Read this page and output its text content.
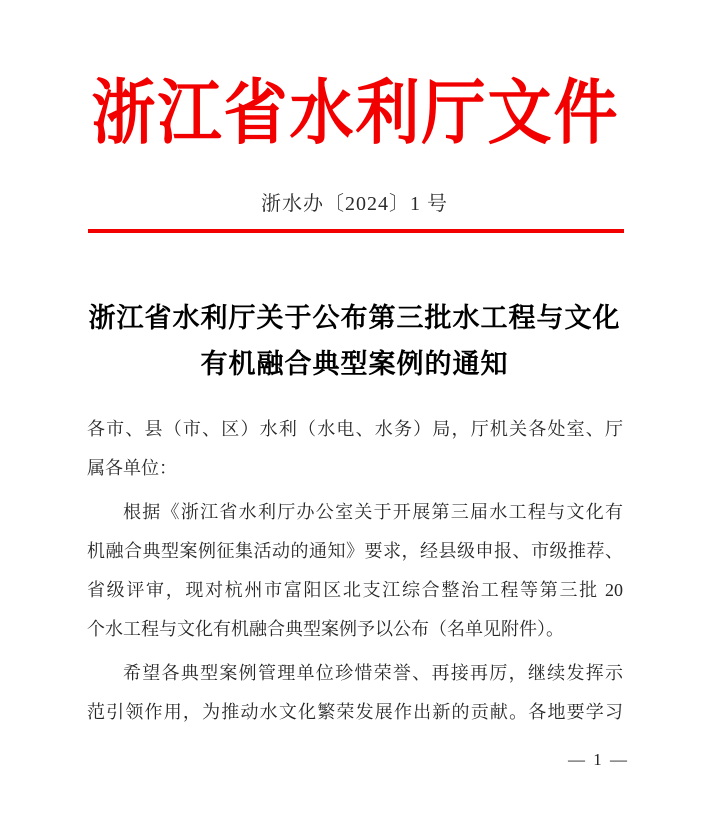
浙江省水利厅文件
浙水办〔2024〕1 号
浙江省水利厅关于公布第三批水工程与文化
有机融合典型案例的通知
各市、县（市、区）水利（水电、水务）局，厅机关各处室、厅
属各单位：
根据《浙江省水利厅办公室关于开展第三届水工程与文化有
机融合典型案例征集活动的通知》要求，经县级申报、市级推荐、
省级评审，现对杭州市富阳区北支江综合整治工程等第三批 20
个水工程与文化有机融合典型案例予以公布（名单见附件）。
希望各典型案例管理单位珍惜荣誉、再接再厉，继续发挥示
范引领作用，为推动水文化繁荣发展作出新的贡献。各地要学习
— 1 —
